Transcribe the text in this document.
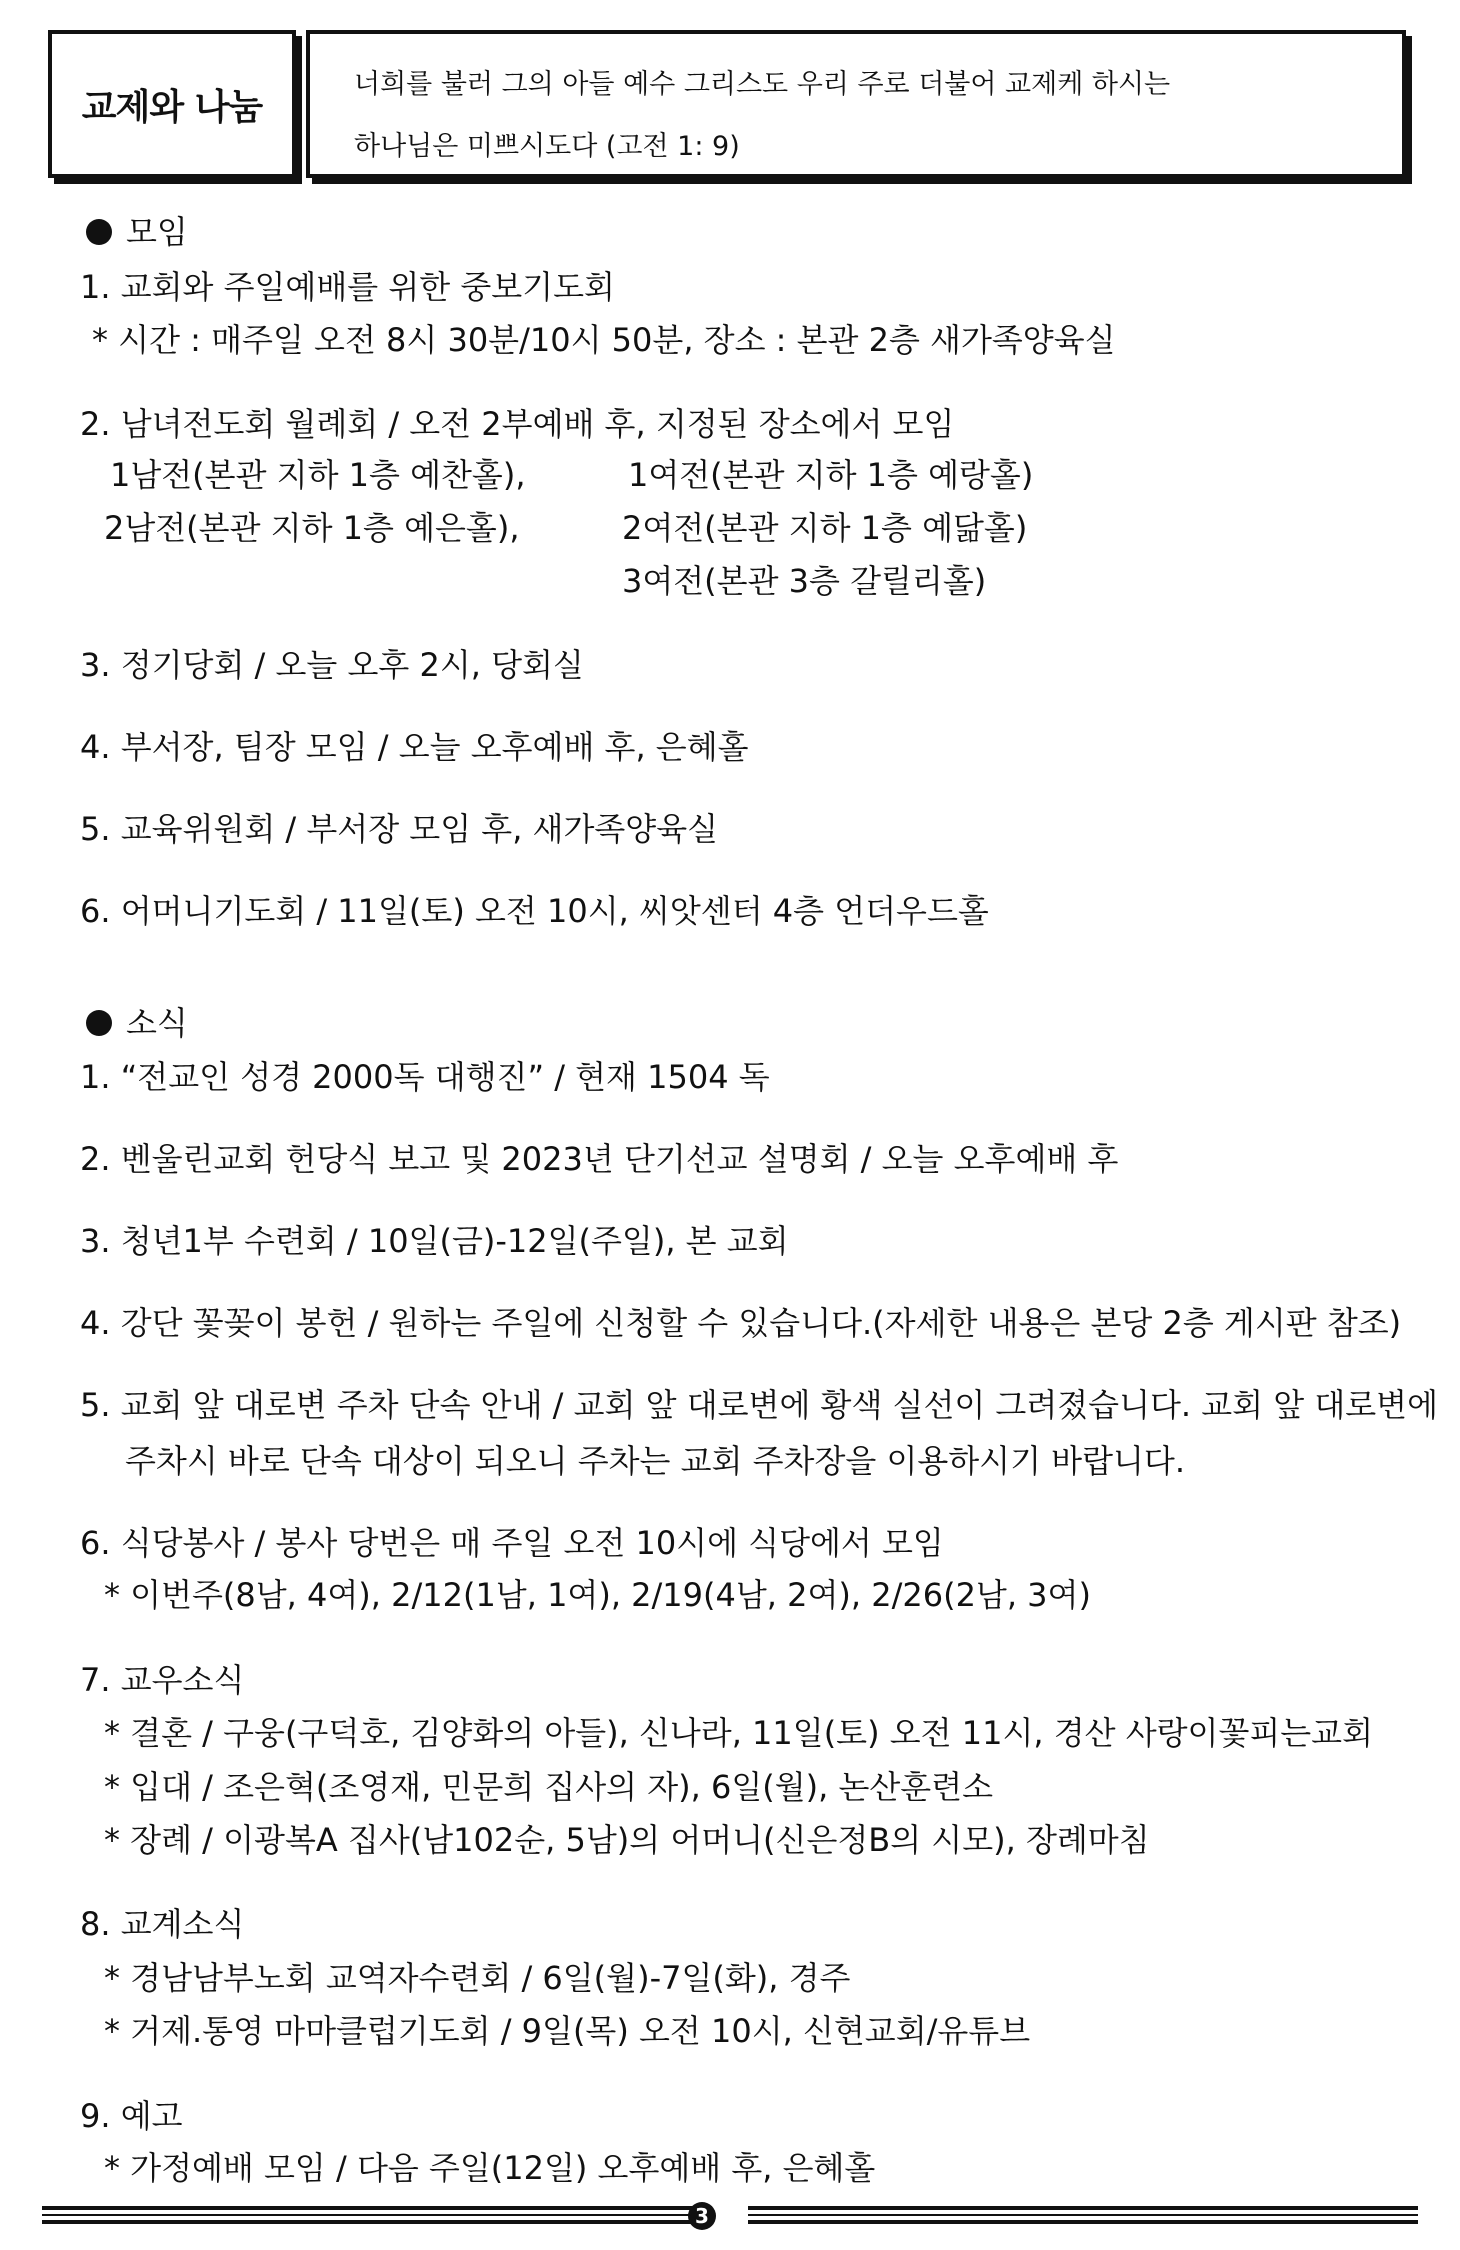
교제와 나눔
너희를 불러 그의 아들 예수 그리스도 우리 주로 더불어 교제케 하시는
하나님은 미쁘시도다 (고전 1: 9)
모임
1. 교회와 주일예배를 위한 중보기도회
* 시간 : 매주일 오전 8시 30분/10시 50분, 장소 : 본관 2층 새가족양육실
2. 남녀전도회 월례회 / 오전 2부예배 후, 지정된 장소에서 모임
1남전(본관 지하 1층 예찬홀),	1여전(본관 지하 1층 예랑홀)
2남전(본관 지하 1층 예은홀),	2여전(본관 지하 1층 예닮홀)
3여전(본관 3층 갈릴리홀)
3. 정기당회 / 오늘 오후 2시, 당회실
4. 부서장, 팀장 모임 / 오늘 오후예배 후, 은혜홀
5. 교육위원회 / 부서장 모임 후, 새가족양육실
6. 어머니기도회 / 11일(토) 오전 10시, 씨앗센터 4층 언더우드홀
소식
1. “전교인 성경 2000독 대행진” / 현재 1504 독
2. 벤울린교회 헌당식 보고 및 2023년 단기선교 설명회 / 오늘 오후예배 후
3. 청년1부 수련회 / 10일(금)-12일(주일), 본 교회
4. 강단 꽃꽂이 봉헌 / 원하는 주일에 신청할 수 있습니다.(자세한 내용은 본당 2층 게시판 참조)
5. 교회 앞 대로변 주차 단속 안내 / 교회 앞 대로변에 황색 실선이 그려졌습니다. 교회 앞 대로변에
주차시 바로 단속 대상이 되오니 주차는 교회 주차장을 이용하시기 바랍니다.
6. 식당봉사 / 봉사 당번은 매 주일 오전 10시에 식당에서 모임
* 이번주(8남, 4여), 2/12(1남, 1여), 2/19(4남, 2여), 2/26(2남, 3여)
7. 교우소식
* 결혼 / 구웅(구덕호, 김양화의 아들), 신나라, 11일(토) 오전 11시, 경산 사랑이꽃피는교회
* 입대 / 조은혁(조영재, 민문희 집사의 자), 6일(월), 논산훈련소
* 장례 / 이광복A 집사(남102순, 5남)의 어머니(신은정B의 시모), 장례마침
8. 교계소식
* 경남남부노회 교역자수련회 / 6일(월)-7일(화), 경주
* 거제.통영 마마클럽기도회 / 9일(목) 오전 10시, 신현교회/유튜브
9. 예고
* 가정예배 모임 / 다음 주일(12일) 오후예배 후, 은혜홀
3
